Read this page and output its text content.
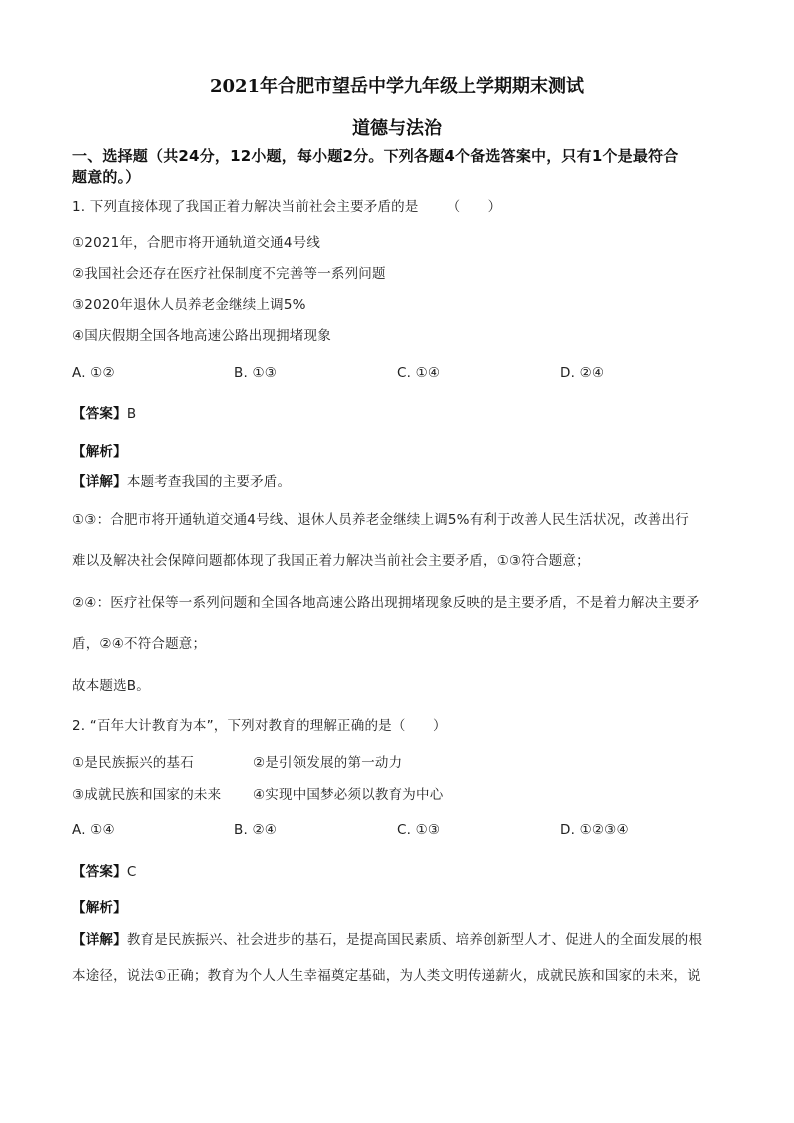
2021年合肥市望岳中学九年级上学期期末测试
道德与法治
一、选择题（共24分，12小题，每小题2分。下列各题4个备选答案中，只有1个是最符合
题意的。）
1. 下列直接体现了我国正着力解决当前社会主要矛盾的是 （　　）
①2021年，合肥市将开通轨道交通4号线
②我国社会还存在医疗社保制度不完善等一系列问题
③2020年退休人员养老金继续上调5%
④国庆假期全国各地高速公路出现拥堵现象
A. ①②	B. ①③	C. ①④	D. ②④
【答案】B
【解析】
【详解】本题考查我国的主要矛盾。
①③：合肥市将开通轨道交通4号线、退休人员养老金继续上调5%有利于改善人民生活状况，改善出行
难以及解决社会保障问题都体现了我国正着力解决当前社会主要矛盾，①③符合题意；
②④：医疗社保等一系列问题和全国各地高速公路出现拥堵现象反映的是主要矛盾，不是着力解决主要矛
盾，②④不符合题意；
故本题选B。
2. “百年大计教育为本”，下列对教育的理解正确的是（　　）
①是民族振兴的基石	②是引领发展的第一动力
③成就民族和国家的未来 ④实现中国梦必须以教育为中心
A. ①④	B. ②④	C. ①③	D. ①②③④
【答案】C
【解析】
【详解】教育是民族振兴、社会进步的基石，是提高国民素质、培养创新型人才、促进人的全面发展的根
本途径，说法①正确；教育为个人人生幸福奠定基础，为人类文明传递薪火，成就民族和国家的未来，说
